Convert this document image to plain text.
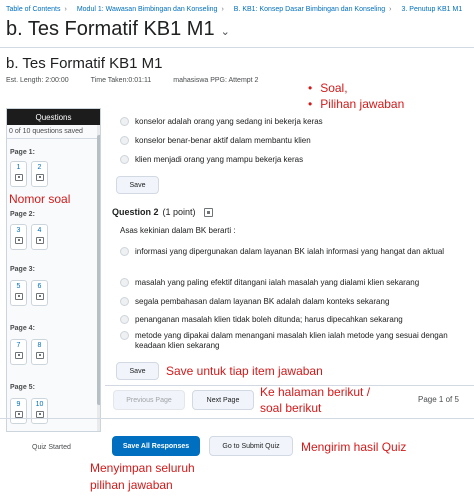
Table of Contents ›	Modul 1: Wawasan Bimbingan dan Konseling ›	B. KB1: Konsep Dasar Bimbingan dan Konseling ›	3. Penutup KB1 M1
b. Tes Formatif KB1 M1 ⌄
b. Tes Formatif KB1 M1
Est. Length: 2:00:00	Time Taken:0:01:11	mahasiswa PPG: Attempt 2
• Soal,
• Pilihan jawaban
Questions
0 of 10 questions saved
Page 1:
1 2
Page 2:
3 4
Page 3:
5 6
Page 4:
7 8
Page 5:
9 10
Nomor soal
konselor adalah orang yang sedang ini bekerja keras
konselor benar-benar aktif dalam membantu klien
klien menjadi orang yang mampu bekerja keras
Save
Question 2 (1 point)
Asas kekinian dalam BK berarti :
informasi yang dipergunakan dalam layanan BK ialah informasi yang hangat dan aktual
masalah yang paling efektif ditangani ialah masalah yang dialami klien sekarang
segala pembahasan dalam layanan BK adalah dalam konteks sekarang
penanganan masalah klien tidak boleh ditunda; harus dipecahkan sekarang
metode yang dipakai dalam menangani masalah klien ialah metode yang sesuai dengan keadaan klien sekarang
Save	Save untuk tiap item jawaban
Previous Page	Next Page	Page 1 of 5
Ke halaman berikut /
soal berikut
Quiz Started	Save All Responses	Go to Submit Quiz	Mengirim hasil Quiz
Menyimpan seluruh
pilihan jawaban
